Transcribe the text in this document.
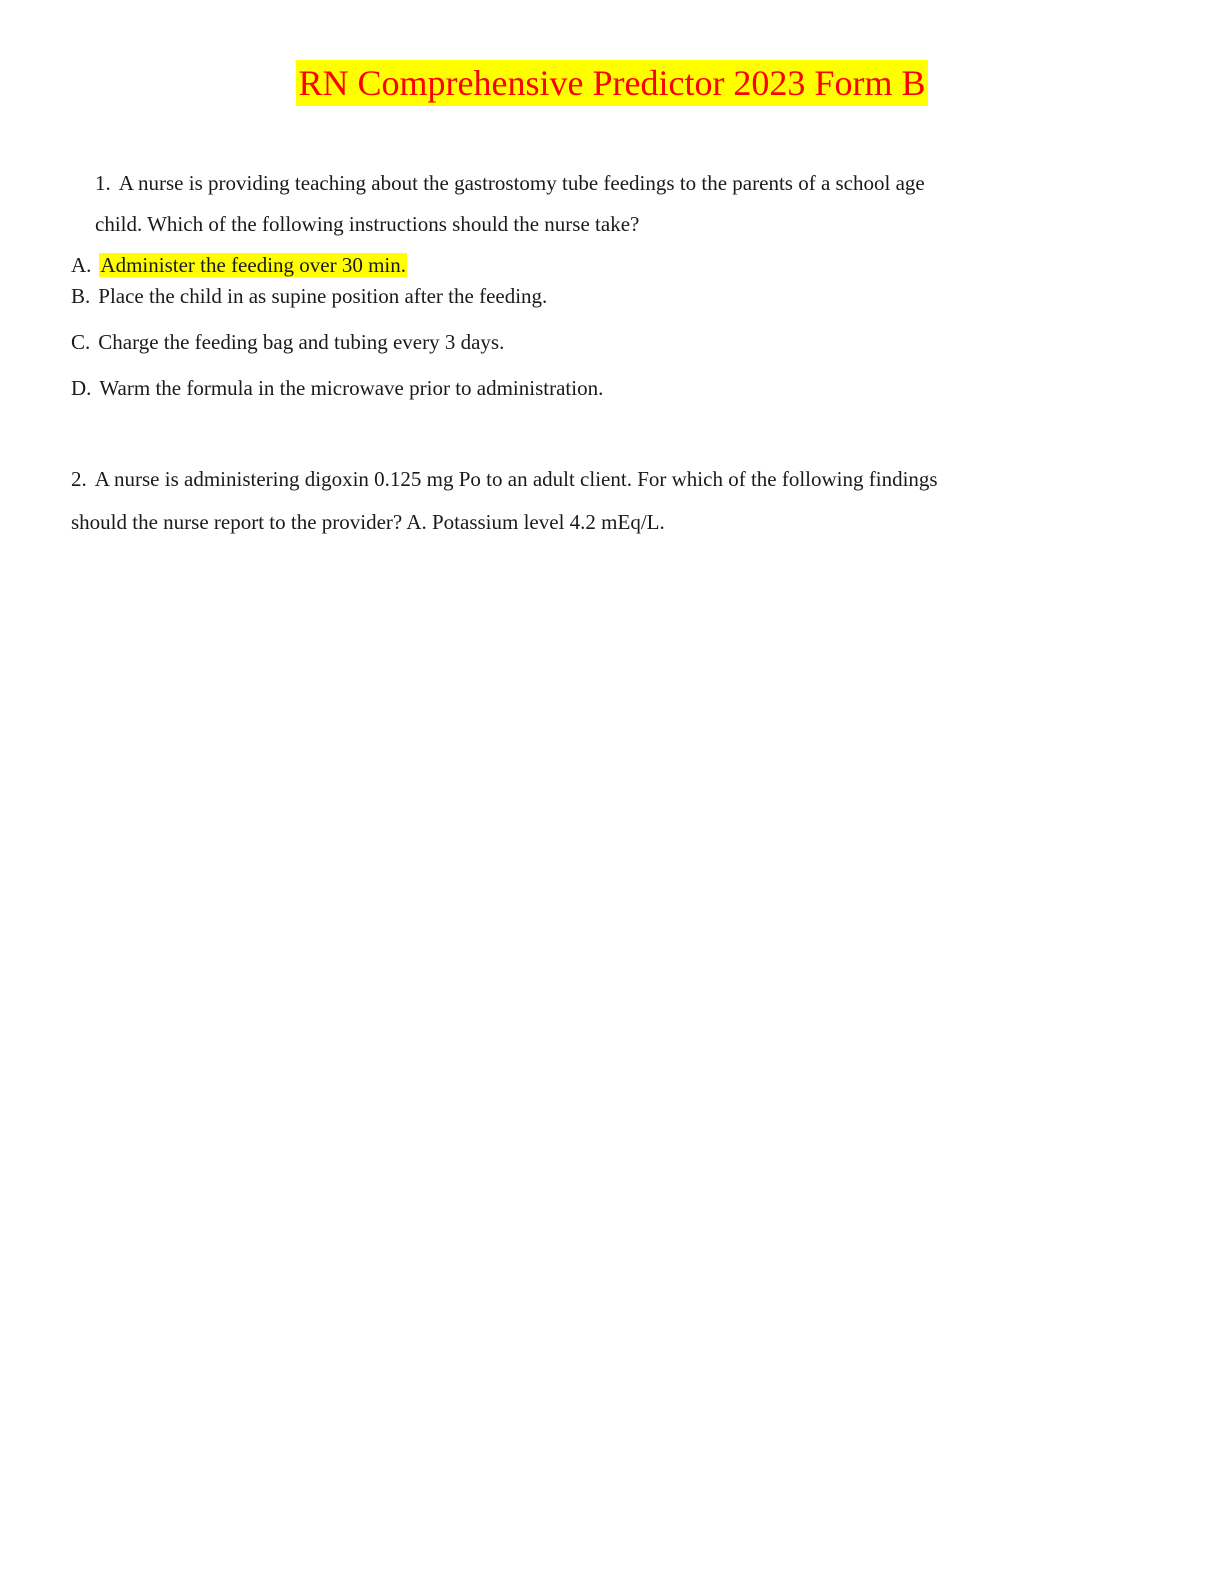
RN Comprehensive Predictor 2023 Form B
1. A nurse is providing teaching about the gastrostomy tube feedings to the parents of a school age
child. Which of the following instructions should the nurse take?
A. Administer the feeding over 30 min.
B. Place the child in as supine position after the feeding.
C. Charge the feeding bag and tubing every 3 days.
D. Warm the formula in the microwave prior to administration.
2. A nurse is administering digoxin 0.125 mg Po to an adult client. For which of the following findings
should the nurse report to the provider? A. Potassium level 4.2 mEq/L.
